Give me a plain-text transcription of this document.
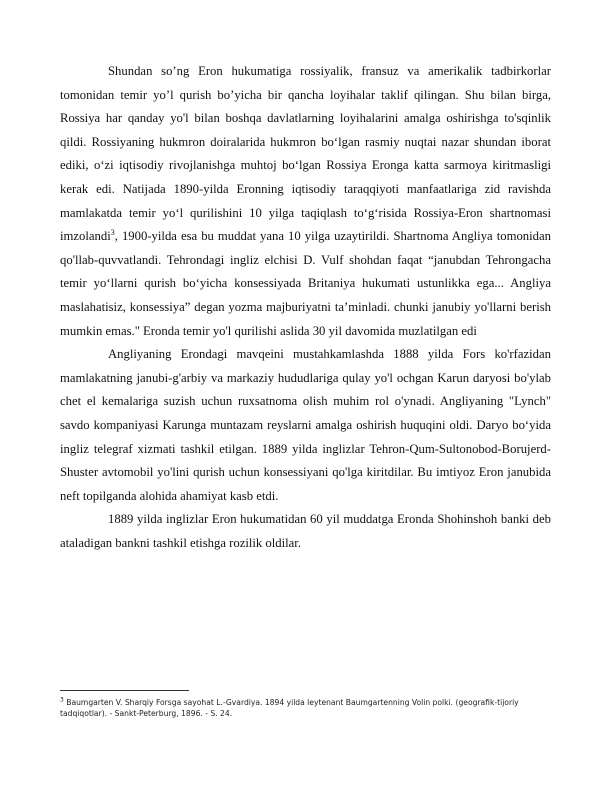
Shundan so’ng Eron hukumatiga rossiyalik, fransuz va amerikalik tadbirkorlar tomonidan temir yo’l qurish bo’yicha bir qancha loyihalar taklif qilingan. Shu bilan birga, Rossiya har qanday yo'l bilan boshqa davlatlarning loyihalarini amalga oshirishga to'sqinlik qildi. Rossiyaning hukmron doiralarida hukmron bo‘lgan rasmiy nuqtai nazar shundan iborat ediki, o‘zi iqtisodiy rivojlanishga muhtoj bo‘lgan Rossiya Eronga katta sarmoya kiritmasligi kerak edi. Natijada 1890-yilda Eronning iqtisodiy taraqqiyoti manfaatlariga zid ravishda mamlakatda temir yo‘l qurilishini 10 yilga taqiqlash to‘g‘risida Rossiya-Eron shartnomasi imzolandi$^3$, 1900-yilda esa bu muddat yana 10 yilga uzaytirildi. Shartnoma Angliya tomonidan qo'llab-quvvatlandi. Tehrondagi ingliz elchisi D. Vulf shohdan faqat “janubdan Tehrongacha temir yo‘llarni qurish bo‘yicha konsessiyada Britaniya hukumati ustunlikka ega... Angliya maslahatisiz, konsessiya” degan yozma majburiyatni ta’minladi. chunki janubiy yo'llarni berish mumkin emas." Eronda temir yo'l qurilishi aslida 30 yil davomida muzlatilgan edi

Angliyaning Erondagi mavqeini mustahkamlashda 1888 yilda Fors ko'rfazidan mamlakatning janubi-g'arbiy va markaziy hududlariga qulay yo'l ochgan Karun daryosi bo'ylab chet el kemalariga suzish uchun ruxsatnoma olish muhim rol o'ynadi. Angliyaning "Lynch" savdo kompaniyasi Karunga muntazam reyslarni amalga oshirish huquqini oldi. Daryo bo‘yida ingliz telegraf xizmati tashkil etilgan. 1889 yilda inglizlar Tehron-Qum-Sultonobod-Borujerd-Shuster avtomobil yo'lini qurish uchun konsessiyani qo'lga kiritdilar. Bu imtiyoz Eron janubida neft topilganda alohida ahamiyat kasb etdi.

1889 yilda inglizlar Eron hukumatidan 60 yil muddatga Eronda Shohinshoh banki deb ataladigan bankni tashkil etishga rozilik oldilar.

$^3$ Baumgarten V. Sharqiy Forsga sayohat L.-Gvardiya. 1894 yilda leytenant Baumgartenning Volin polki. (geografik-tijoriy tadqiqotlar). - Sankt-Peterburg, 1896. - S. 24.
